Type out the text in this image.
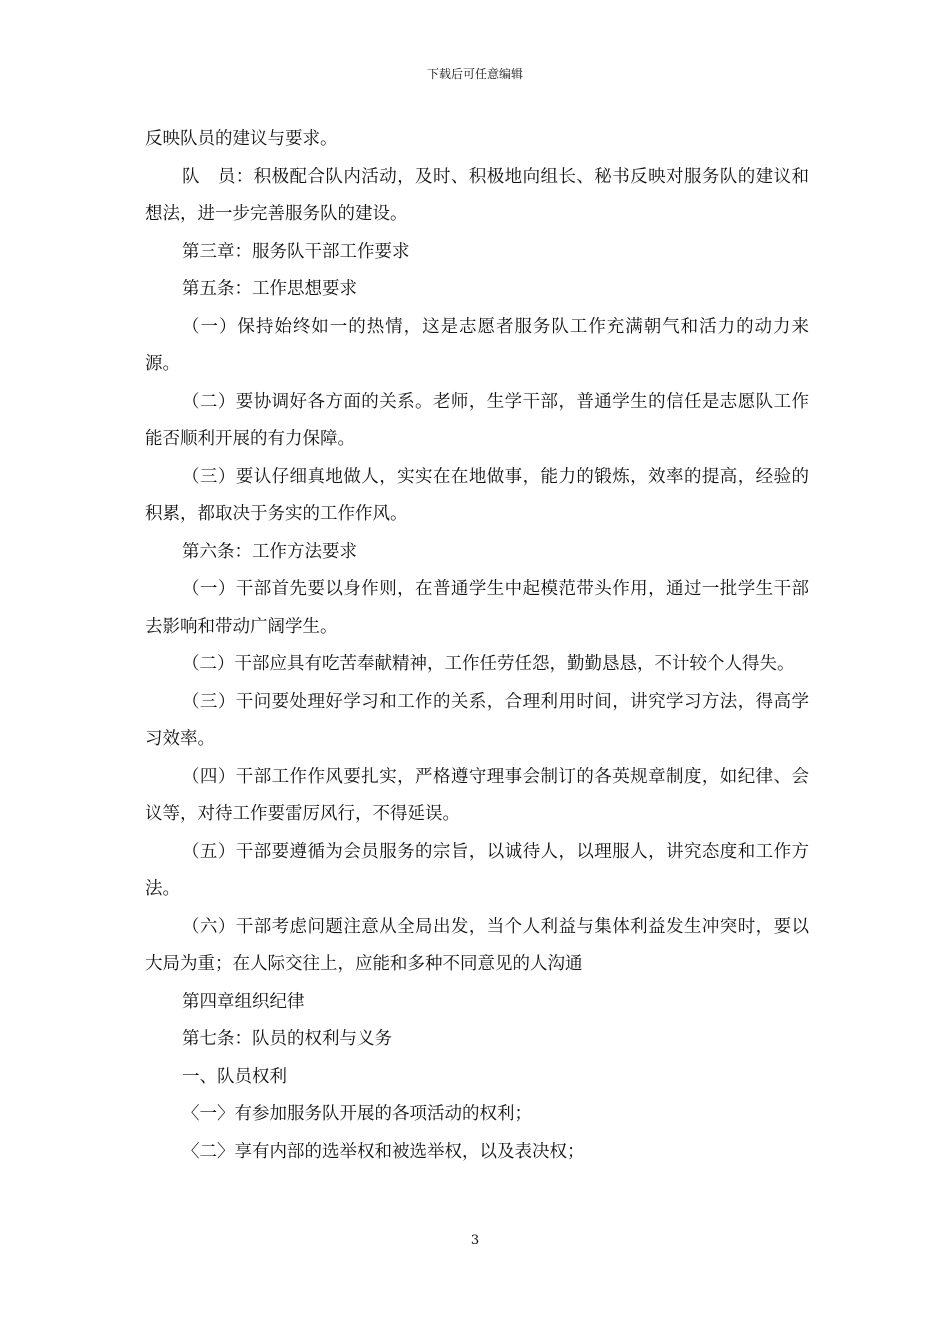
下载后可任意编辑

反映队员的建议与要求。

队　员：积极配合队内活动，及时、积极地向组长、秘书反映对服务队的建议和想法，进一步完善服务队的建设。

第三章：服务队干部工作要求

第五条：工作思想要求

（一）保持始终如一的热情，这是志愿者服务队工作充满朝气和活力的动力来源。

（二）要协调好各方面的关系。老师，生学干部，普通学生的信任是志愿队工作能否顺利开展的有力保障。

（三）要认仔细真地做人，实实在在地做事，能力的锻炼，效率的提高，经验的积累，都取决于务实的工作作风。

第六条：工作方法要求

（一）干部首先要以身作则，在普通学生中起模范带头作用，通过一批学生干部去影响和带动广阔学生。

（二）干部应具有吃苦奉献精神，工作任劳任怨，勤勤恳恳，不计较个人得失。

（三）干问要处理好学习和工作的关系，合理利用时间，讲究学习方法，得高学习效率。

（四）干部工作作风要扎实，严格遵守理事会制订的各英规章制度，如纪律、会议等，对待工作要雷厉风行，不得延误。

（五）干部要遵循为会员服务的宗旨，以诚待人，以理服人，讲究态度和工作方法。

（六）干部考虑问题注意从全局出发，当个人利益与集体利益发生冲突时，要以大局为重；在人际交往上，应能和多种不同意见的人沟通

第四章组织纪律

第七条：队员的权利与义务

一、队员权利

〈一〉有参加服务队开展的各项活动的权利；

〈二〉享有内部的选举权和被选举权，以及表决权；

3
